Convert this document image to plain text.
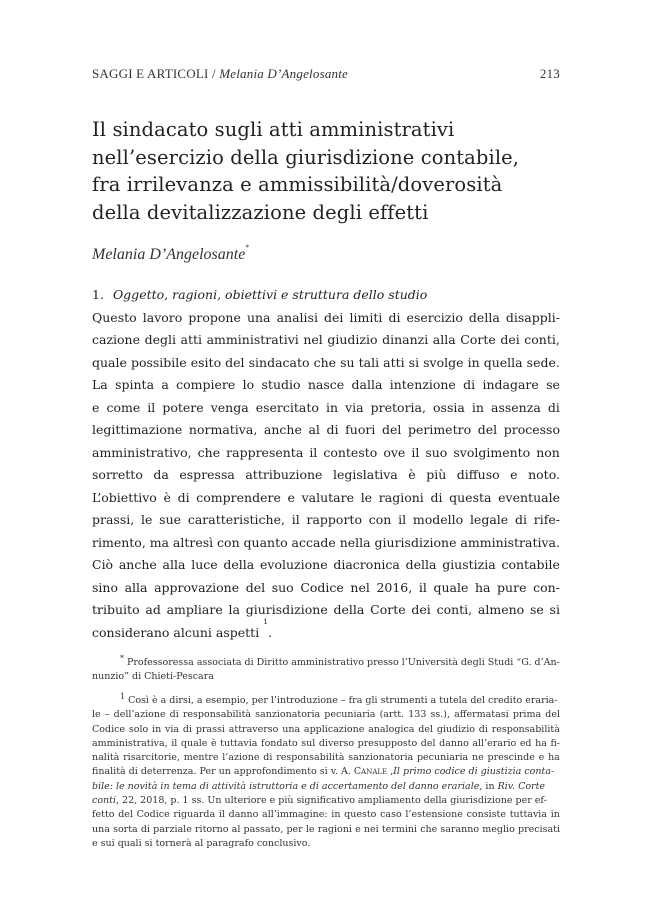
SAGGI E ARTICOLI / Melania D’Angelosante	213
Il sindacato sugli atti amministrativi
nell’esercizio della giurisdizione contabile,
fra irrilevanza e ammissibilità/doverosità
della devitalizzazione degli effetti
Melania D’Angelosante*
1. Oggetto, ragioni, obiettivi e struttura dello studio
Questo lavoro propone una analisi dei limiti di esercizio della disappli-
cazione degli atti amministrativi nel giudizio dinanzi alla Corte dei conti,
quale possibile esito del sindacato che su tali atti si svolge in quella sede.
La spinta a compiere lo studio nasce dalla intenzione di indagare se
e come il potere venga esercitato in via pretoria, ossia in assenza di
legittimazione normativa, anche al di fuori del perimetro del processo
amministrativo, che rappresenta il contesto ove il suo svolgimento non
sorretto da espressa attribuzione legislativa è più diffuso e noto.
L’obiettivo è di comprendere e valutare le ragioni di questa eventuale
prassi, le sue caratteristiche, il rapporto con il modello legale di rife-
rimento, ma altresì con quanto accade nella giurisdizione amministrativa.
Ciò anche alla luce della evoluzione diacronica della giustizia contabile
sino alla approvazione del suo Codice nel 2016, il quale ha pure con-
tribuito ad ampliare la giurisdizione della Corte dei conti, almeno se si
considerano alcuni aspetti
1
.
* Professoressa associata di Diritto amministrativo presso l’Università degli Studi “G. d’An-
nunzio” di Chieti-Pescara
$^1$ Così è a dirsi, a esempio, per l’introduzione – fra gli strumenti a tutela del credito eraria-
le – dell’azione di responsabilità sanzionatoria pecuniaria (artt. 133 ss.), affermatasi prima del
Codice solo in via di prassi attraverso una applicazione analogica del giudizio di responsabilità
amministrativa, il quale è tuttavia fondato sul diverso presupposto del danno all’erario ed ha fi-
nalità risarcitorie, mentre l’azione di responsabilità sanzionatoria pecuniaria ne prescinde e ha
finalità di deterrenza. Per un approfondimento si v. A. Canale , Il primo codice di giustizia conta-
bile: le novità in tema di attività istruttoria e di accertamento del danno erariale , in Riv. Corte
conti , 22, 2018, p. 1 ss. Un ulteriore e più significativo ampliamento della giurisdizione per ef-
fetto del Codice riguarda il danno all’immagine: in questo caso l’estensione consiste tuttavia in
una sorta di parziale ritorno al passato, per le ragioni e nei termini che saranno meglio precisati
e sui quali si tornerà al paragrafo conclusivo.
